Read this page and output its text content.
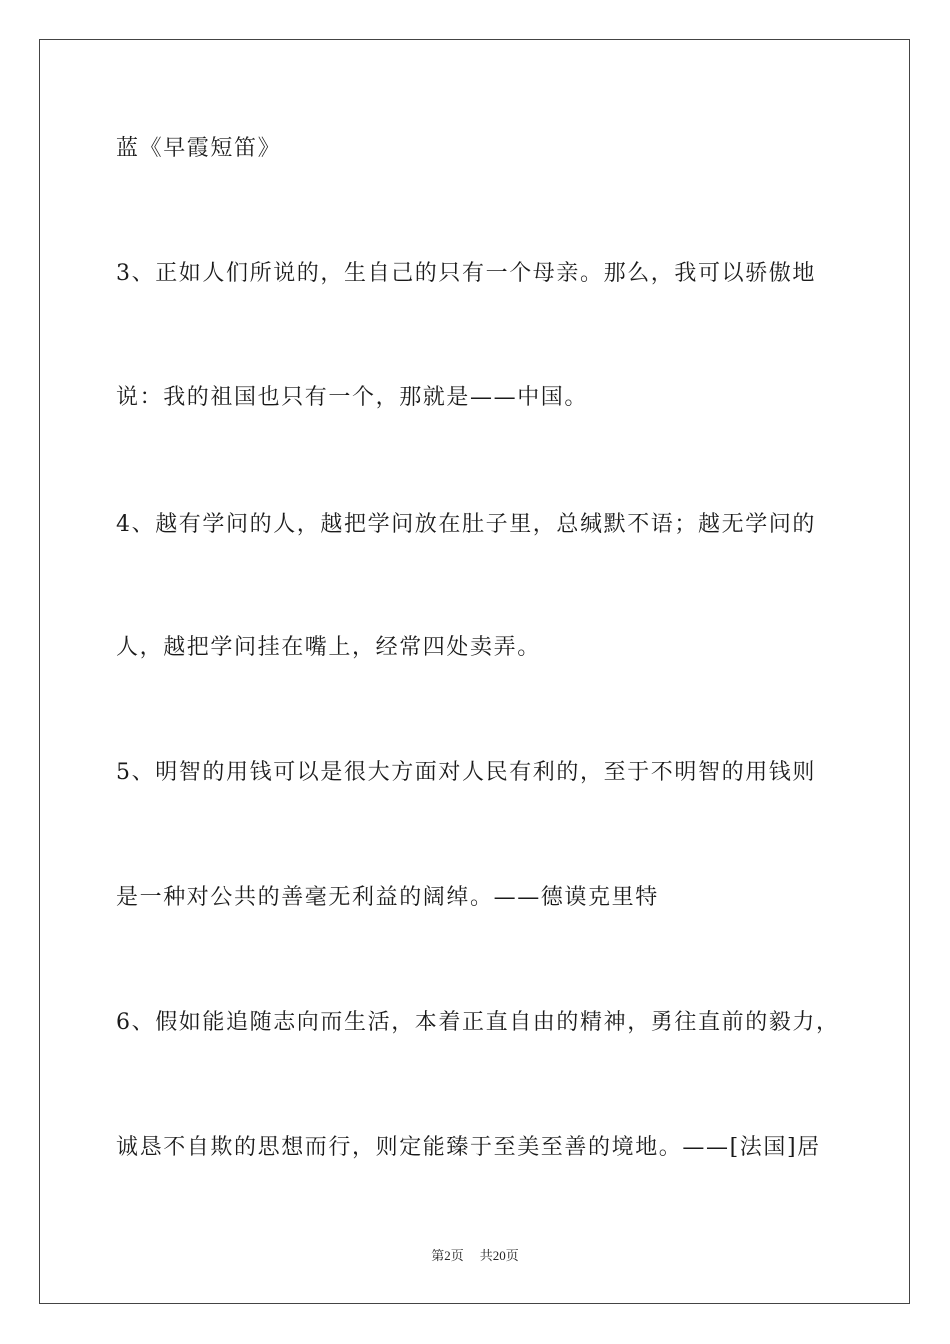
蓝《早霞短笛》

3、正如人们所说的，生自己的只有一个母亲。那么，我可以骄傲地

说：我的祖国也只有一个，那就是——中国。

4、越有学问的人，越把学问放在肚子里，总缄默不语；越无学问的

人，越把学问挂在嘴上，经常四处卖弄。

5、明智的用钱可以是很大方面对人民有利的，至于不明智的用钱则

是一种对公共的善毫无利益的阔绰。——德谟克里特

6、假如能追随志向而生活，本着正直自由的精神，勇往直前的毅力，

诚恳不自欺的思想而行，则定能臻于至美至善的境地。——[法国]居

第2页 共20页
